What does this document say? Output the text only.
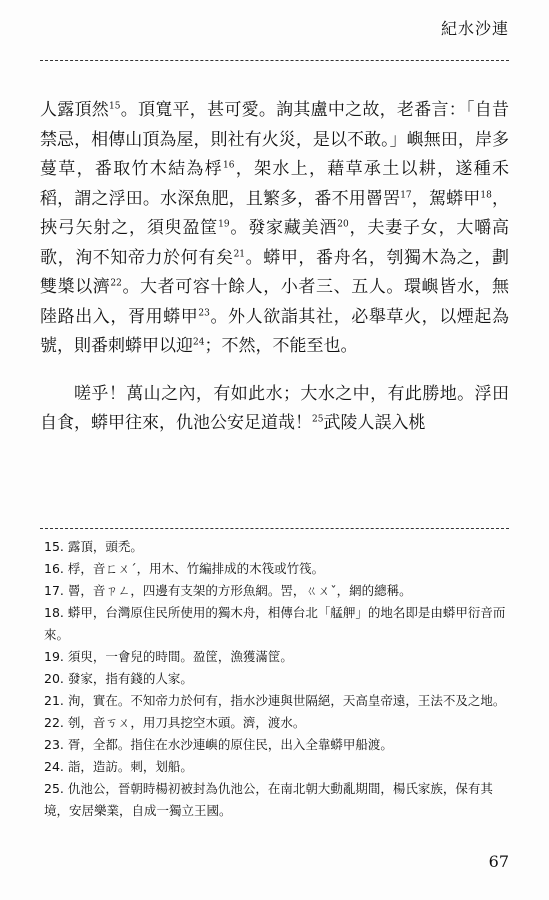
紀水沙連

人露頂然$^{15}$。頂寬平，甚可愛。詢其盧中之故，老番言：「自昔禁忌，相傳山頂為屋，則社有火災，是以不敢。」嶼無田，岸多蔓草，番取竹木結為桴$^{16}$，架水上，藉草承土以耕，遂種禾稻，謂之浮田。水深魚肥，且繁多，番不用罾罟$^{17}$，駕蟒甲$^{18}$，挾弓矢射之，須臾盈筐$^{19}$。發家藏美酒$^{20}$，夫妻子女，大嚼高歌，洵不知帝力於何有矣$^{21}$。蟒甲，番舟名，刳獨木為之，劃雙槳以濟$^{22}$。大者可容十餘人，小者三、五人。環嶼皆水，無陸路出入，胥用蟒甲$^{23}$。外人欲詣其社，必舉草火，以煙起為號，則番刺蟒甲以迎$^{24}$；不然，不能至也。

嗟乎！萬山之內，有如此水；大水之中，有此勝地。浮田自食，蟒甲往來，仇池公安足道哉！$^{25}$武陵人誤入桃

15. 露頂，頭禿。
16. 桴，音ㄈㄨˊ，用木、竹編排成的木筏或竹筏。
17. 罾，音ㄗㄥ，四邊有支架的方形魚網。罟，ㄍㄨˇ，網的總稱。
18. 蟒甲，台灣原住民所使用的獨木舟，相傳台北「艋舺」的地名即是由蟒甲衍音而來。
19. 須臾，一會兒的時間。盈筐，漁獲滿筐。
20. 發家，指有錢的人家。
21. 洵，實在。不知帝力於何有，指水沙連與世隔絕，天高皇帝遠，王法不及之地。
22. 刳，音ㄎㄨ，用刀具挖空木頭。濟，渡水。
23. 胥，全都。指住在水沙連嶼的原住民，出入全靠蟒甲船渡。
24. 詣，造訪。刺，划船。
25. 仇池公，晉朝時楊初被封為仇池公，在南北朝大動亂期間，楊氏家族，保有其境，安居樂業，自成一獨立王國。
67
